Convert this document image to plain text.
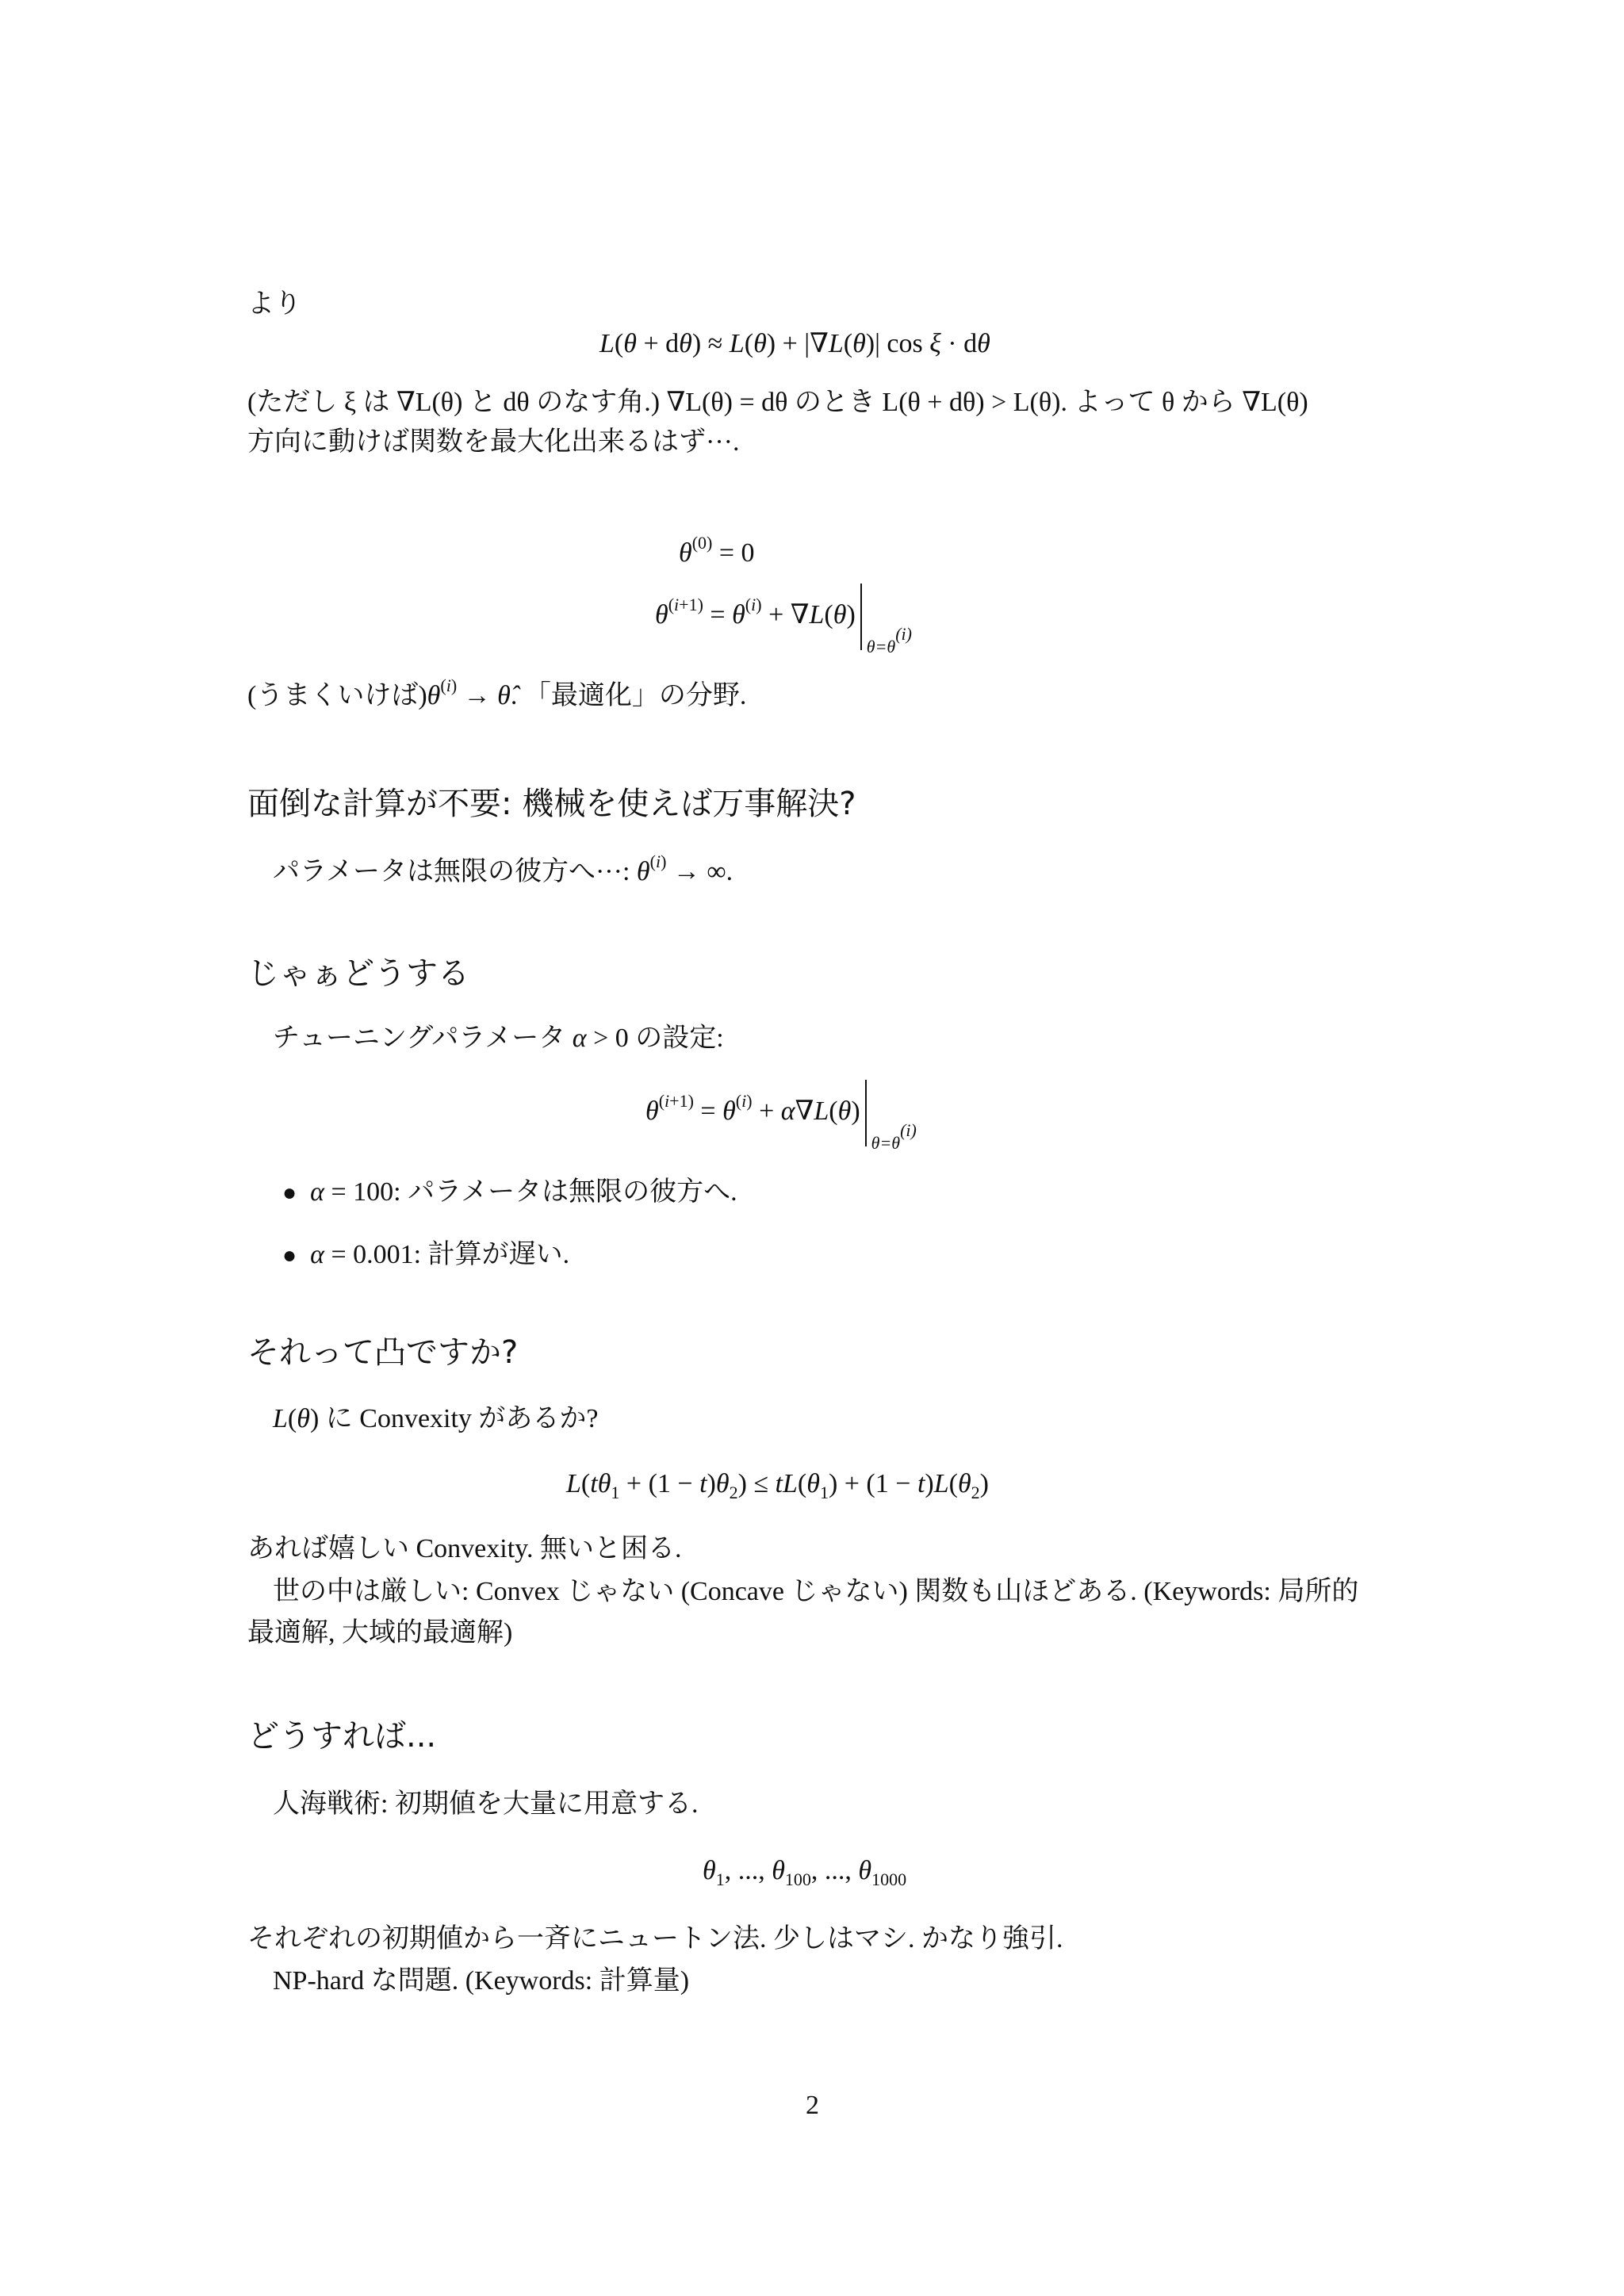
より
L(θ + dθ) ≈ L(θ) + |∇L(θ)| cos ξ · dθ
(ただし ξ は ∇L(θ) と dθ のなす角.) ∇L(θ) = dθ のとき L(θ + dθ) > L(θ). よって θ から ∇L(θ)
方向に動けば関数を最大化出来るはず···.
$\theta^{(0)} = 0$
$\theta^{(i+1)} = \theta^{(i)} + \nabla L(\theta)$
$\theta=\theta^{(i)}$
(うまくいけば)$\theta^{(i)}$ → θ̂. 「最適化」の分野.
面倒な計算が不要: 機械を使えば万事解決?
パラメータは無限の彼方へ···: $\theta^{(i)}$ → ∞.
じゃぁどうする
チューニングパラメータ α > 0 の設定:
$\theta^{(i+1)} = \theta^{(i)} + \alpha\nabla L(\theta)$
$\theta=\theta^{(i)}$
● α = 100: パラメータは無限の彼方へ.
● α = 0.001: 計算が遅い.
それって凸ですか?
L(θ) に Convexity があるか?
$L(t\theta_1 + (1 - t)\theta_2) \le tL(\theta_1) + (1 - t)L(\theta_2)$
あれば嬉しい Convexity. 無いと困る.
世の中は厳しい: Convex じゃない (Concave じゃない) 関数も山ほどある. (Keywords: 局所的
最適解, 大域的最適解)
どうすれば...
人海戦術: 初期値を大量に用意する.
$\theta_1$, ..., $\theta_{100}$, ..., $\theta_{1000}$
それぞれの初期値から一斉にニュートン法. 少しはマシ. かなり強引.
NP-hard な問題. (Keywords: 計算量)
2
